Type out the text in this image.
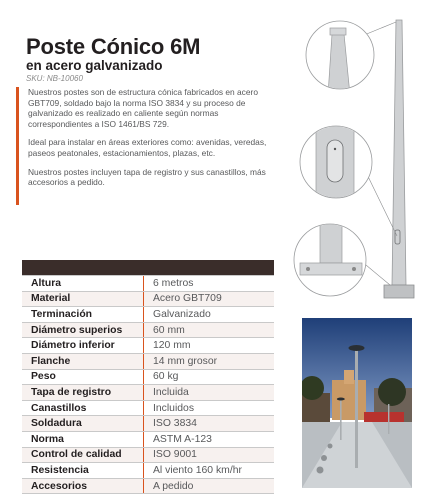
Poste Cónico 6M
en acero galvanizado
SKU: NB-10060

Nuestros postes son de estructura cónica fabricados en acero GBT709, soldado bajo la norma ISO 3834 y su proceso de galvanizado es realizado en caliente según normas correspondientes a ISO 1461/BS 729.

Ideal para instalar en áreas exteriores como: avenidas, veredas, paseos peatonales, estacionamientos, plazas, etc.

Nuestros postes incluyen tapa de registro y sus canastillos, más accesorios a pedido.

Altura	6 metros
Material	Acero GBT709
Terminación	Galvanizado
Diámetro superios	60 mm
Diámetro inferior	120 mm
Flanche	14 mm grosor
Peso	60 kg
Tapa de registro	Incluida
Canastillos	Incluidos
Soldadura	ISO 3834
Norma	ASTM A-123
Control de calidad	ISO 9001
Resistencia	Al viento 160 km/hr
Accesorios	A pedido
